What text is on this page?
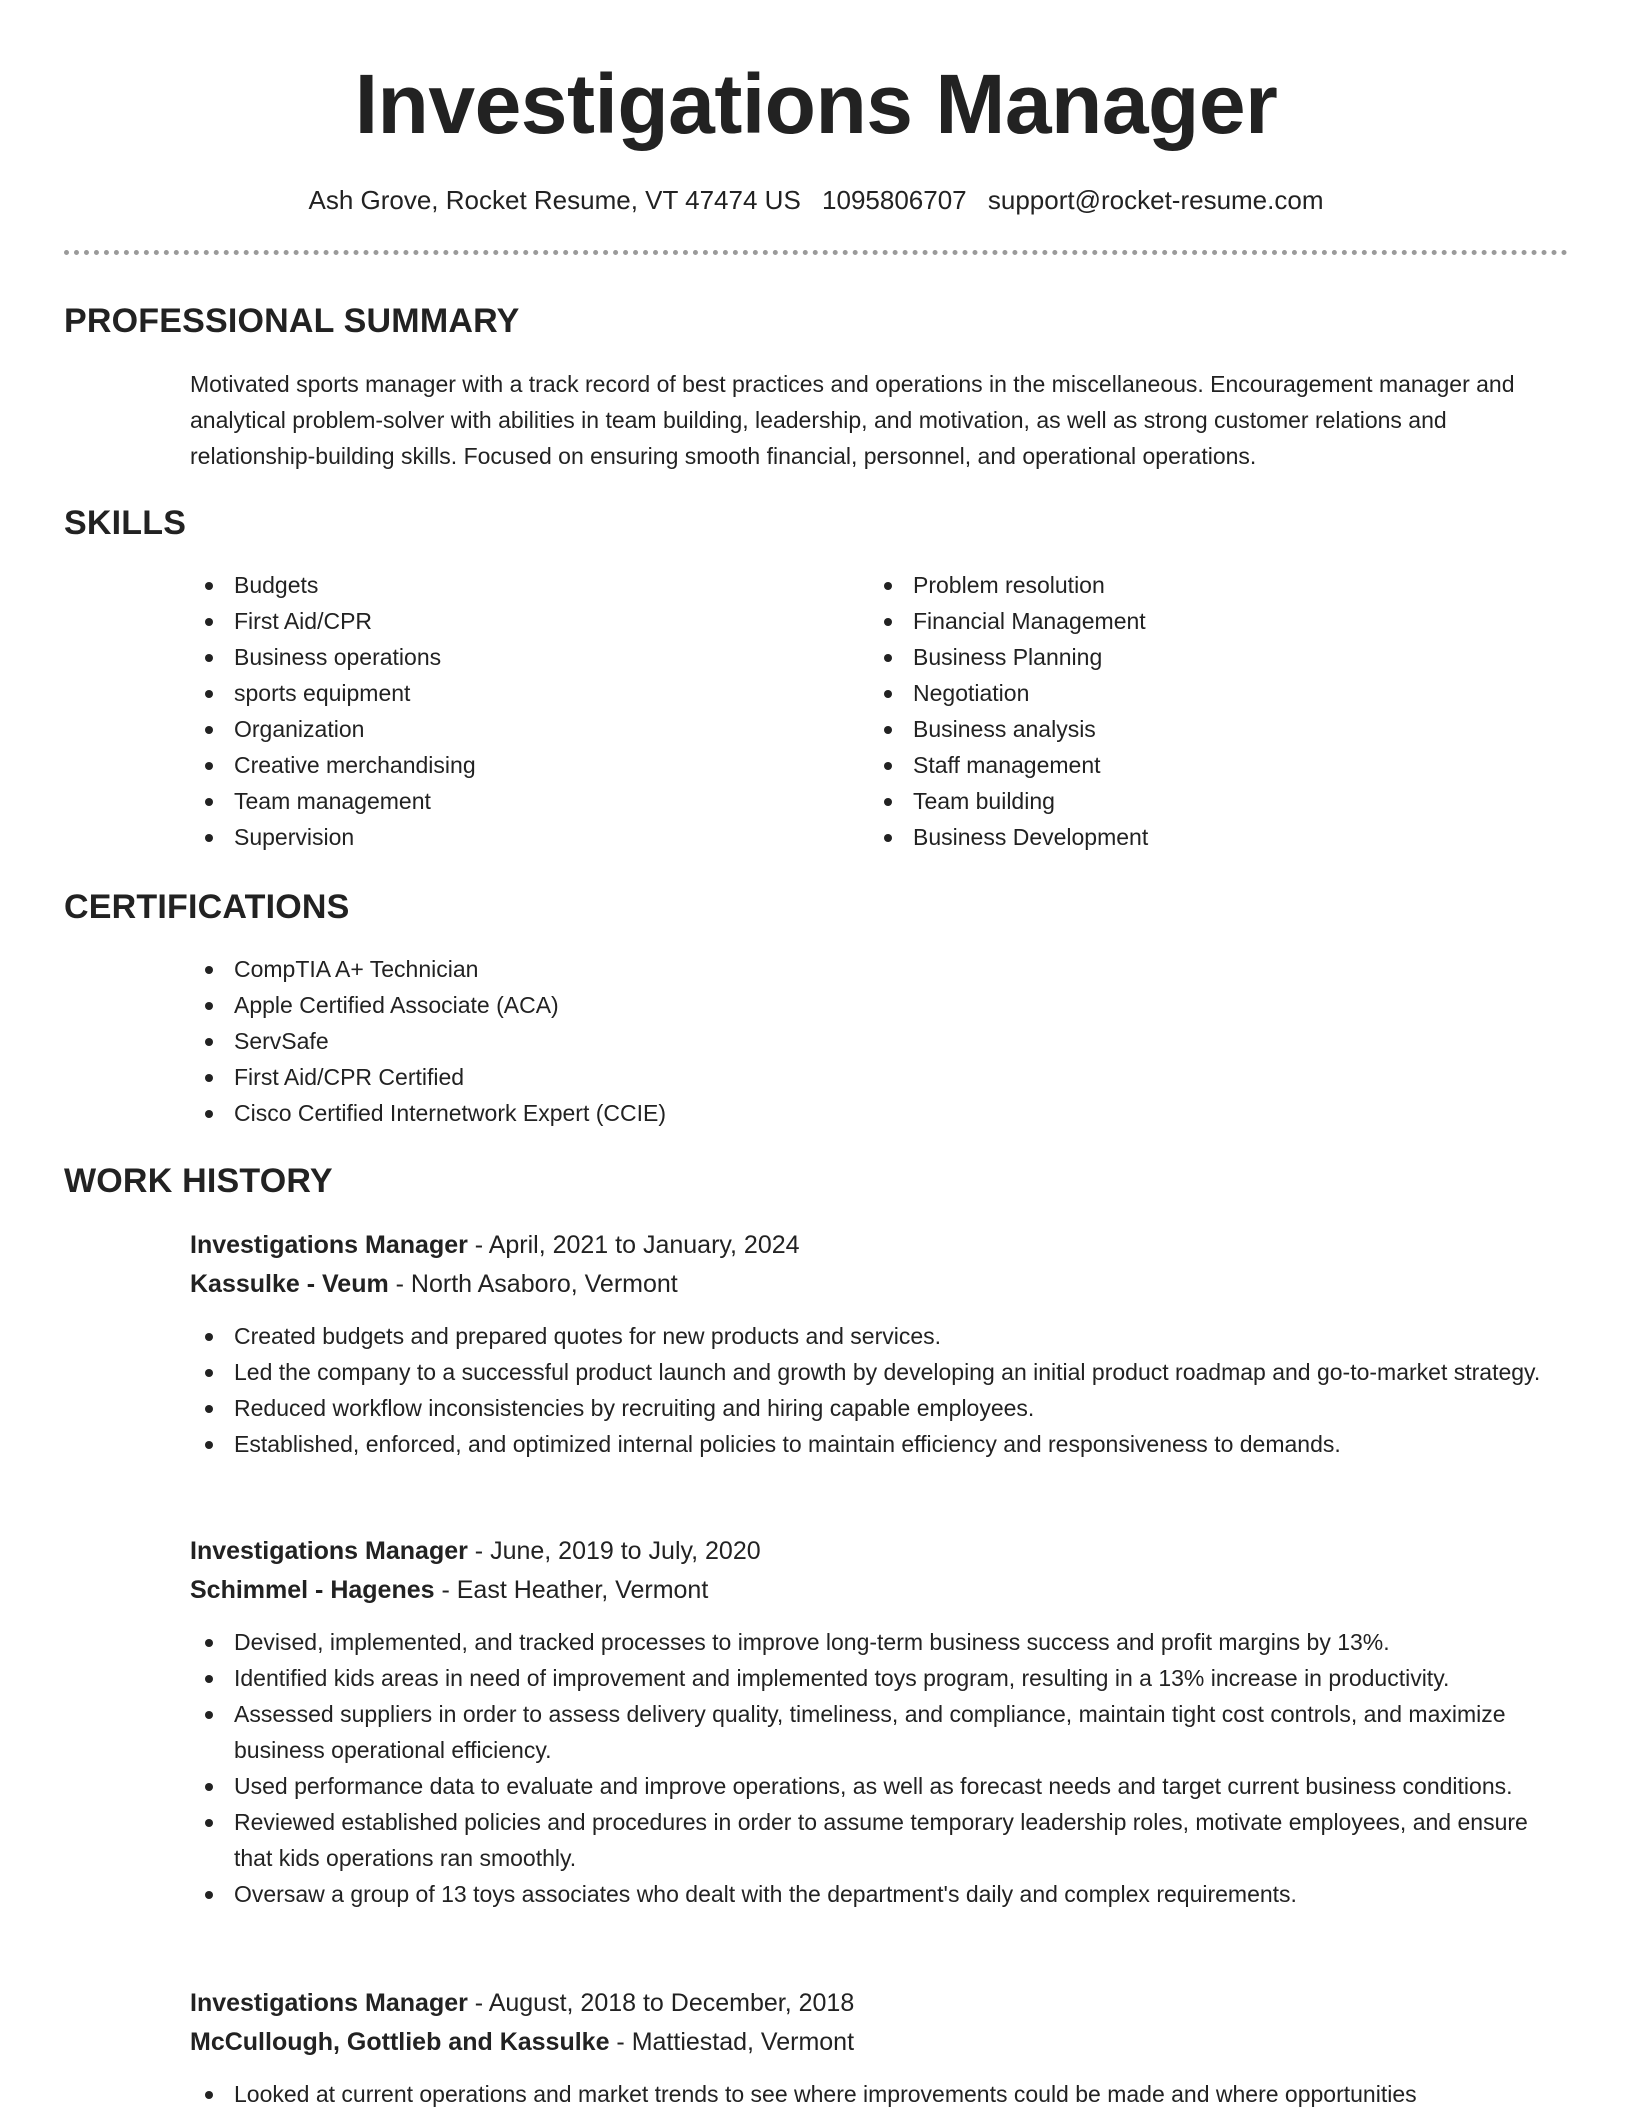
Investigations Manager
Ash Grove, Rocket Resume, VT 47474 US 1095806707 support@rocket-resume.com
PROFESSIONAL SUMMARY
Motivated sports manager with a track record of best practices and operations in the miscellaneous. Encouragement manager and analytical problem-solver with abilities in team building, leadership, and motivation, as well as strong customer relations and relationship-building skills. Focused on ensuring smooth financial, personnel, and operational operations.
SKILLS
Budgets
First Aid/CPR
Business operations
sports equipment
Organization
Creative merchandising
Team management
Supervision
Problem resolution
Financial Management
Business Planning
Negotiation
Business analysis
Staff management
Team building
Business Development
CERTIFICATIONS
CompTIA A+ Technician
Apple Certified Associate (ACA)
ServSafe
First Aid/CPR Certified
Cisco Certified Internetwork Expert (CCIE)
WORK HISTORY
Investigations Manager - April, 2021 to January, 2024
Kassulke - Veum - North Asaboro, Vermont
Created budgets and prepared quotes for new products and services.
Led the company to a successful product launch and growth by developing an initial product roadmap and go-to-market strategy.
Reduced workflow inconsistencies by recruiting and hiring capable employees.
Established, enforced, and optimized internal policies to maintain efficiency and responsiveness to demands.
Investigations Manager - June, 2019 to July, 2020
Schimmel - Hagenes - East Heather, Vermont
Devised, implemented, and tracked processes to improve long-term business success and profit margins by 13%.
Identified kids areas in need of improvement and implemented toys program, resulting in a 13% increase in productivity.
Assessed suppliers in order to assess delivery quality, timeliness, and compliance, maintain tight cost controls, and maximize business operational efficiency.
Used performance data to evaluate and improve operations, as well as forecast needs and target current business conditions.
Reviewed established policies and procedures in order to assume temporary leadership roles, motivate employees, and ensure that kids operations ran smoothly.
Oversaw a group of 13 toys associates who dealt with the department's daily and complex requirements.
Investigations Manager - August, 2018 to December, 2018
McCullough, Gottlieb and Kassulke - Mattiestad, Vermont
Looked at current operations and market trends to see where improvements could be made and where opportunities
